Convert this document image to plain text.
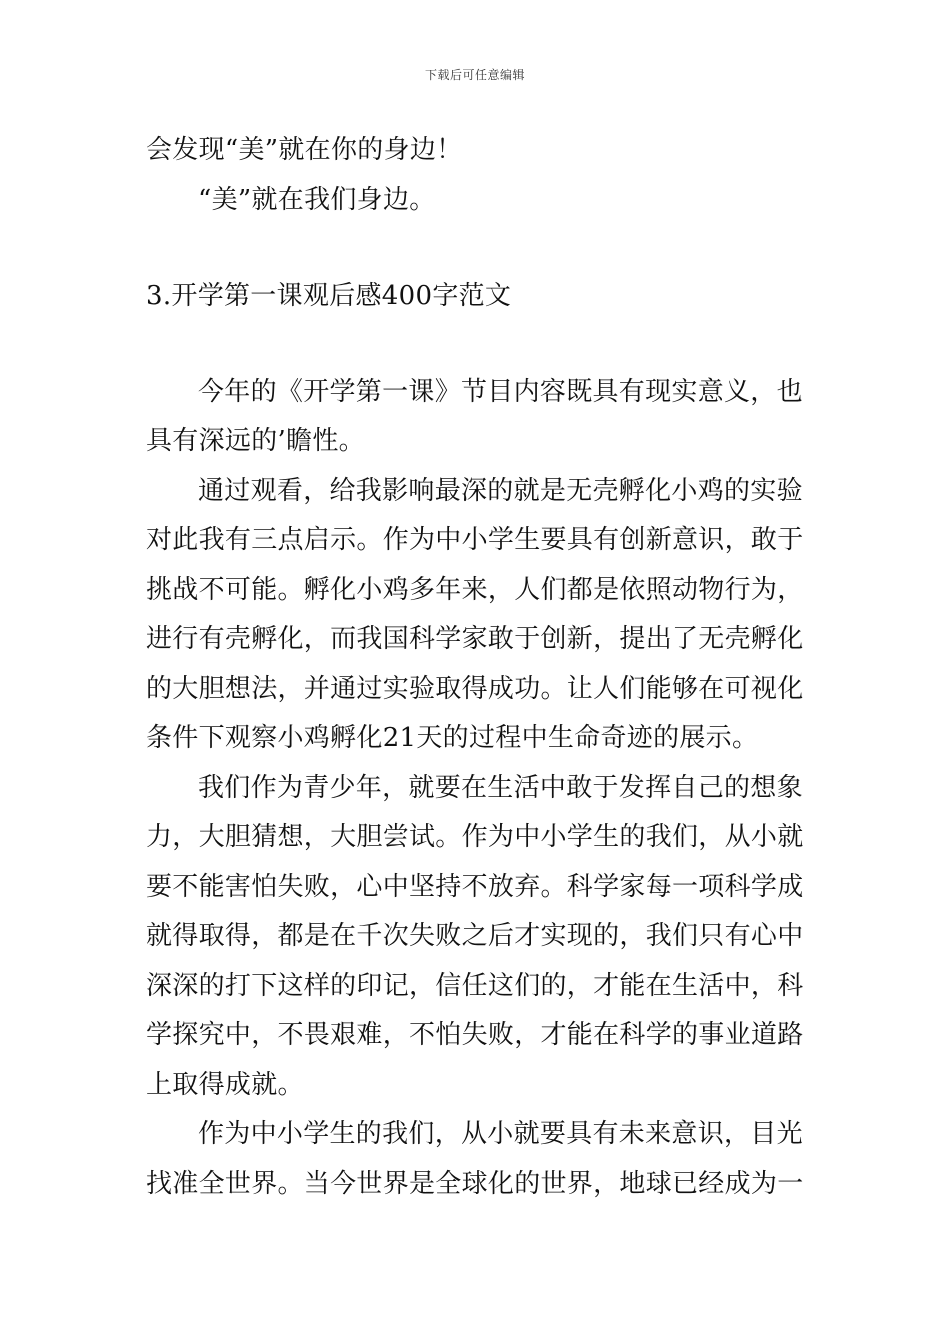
下载后可任意编辑
会发现“美”就在你的身边！
“美”就在我们身边。
3.开学第一课观后感400字范文
今年的《开学第一课》节目内容既具有现实意义，也
具有深远的’瞻性。
通过观看，给我影响最深的就是无壳孵化小鸡的实验
对此我有三点启示。作为中小学生要具有创新意识，敢于
挑战不可能。孵化小鸡多年来，人们都是依照动物行为，
进行有壳孵化，而我国科学家敢于创新，提出了无壳孵化
的大胆想法，并通过实验取得成功。让人们能够在可视化
条件下观察小鸡孵化21天的过程中生命奇迹的展示。
我们作为青少年，就要在生活中敢于发挥自己的想象
力，大胆猜想，大胆尝试。作为中小学生的我们，从小就
要不能害怕失败，心中坚持不放弃。科学家每一项科学成
就得取得，都是在千次失败之后才实现的，我们只有心中
深深的打下这样的印记，信任这们的，才能在生活中，科
学探究中，不畏艰难，不怕失败，才能在科学的事业道路
上取得成就。
作为中小学生的我们，从小就要具有未来意识，目光
找准全世界。当今世界是全球化的世界，地球已经成为一
